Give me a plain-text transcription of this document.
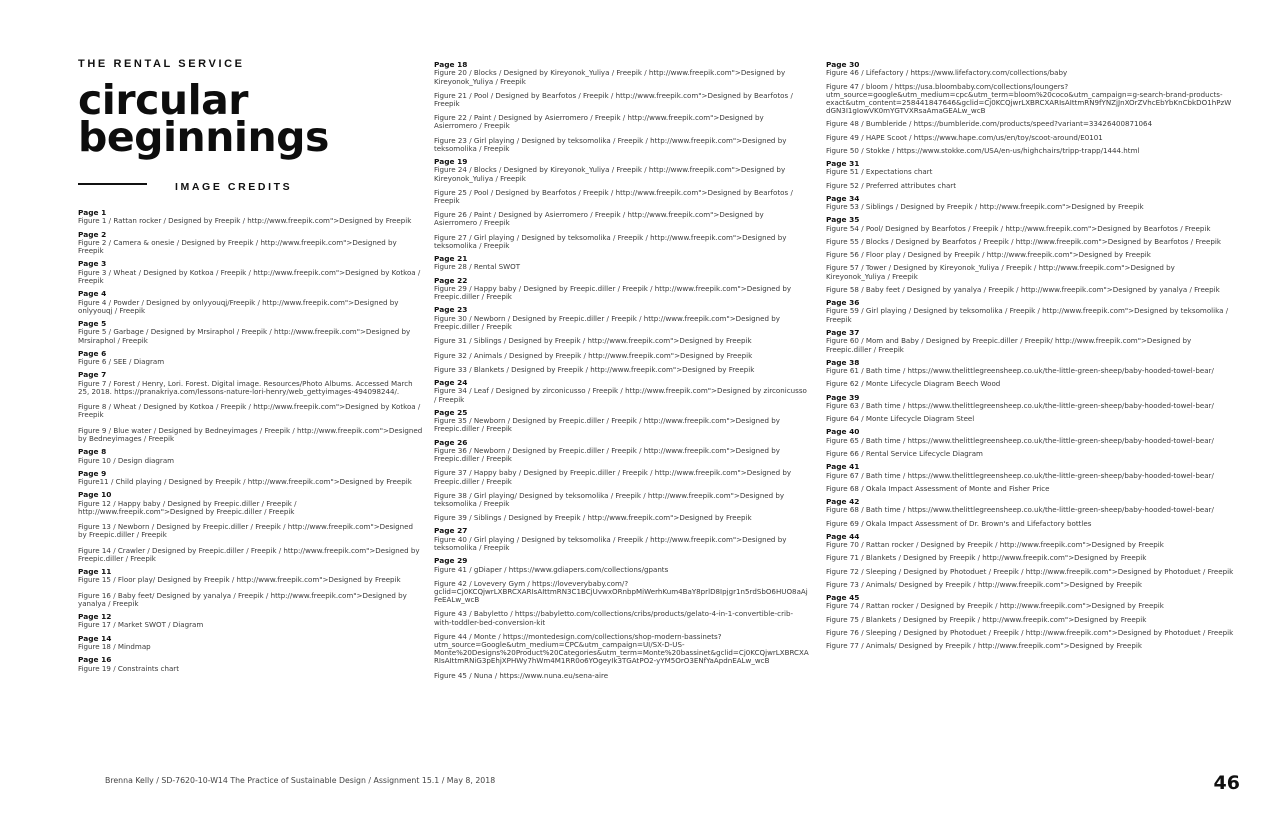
THE RENTAL SERVICE

circular
beginnings
IMAGE CREDITS

Page 1

Figure 1 / Rattan rocker / Designed by Freepik / http://www.freepik.com">Designed by Freepik

Page 2

Figure 2 / Camera & onesie / Designed by Freepik / http://www.freepik.com">Designed by Freepik

Page 3

Figure 3 / Wheat / Designed by Kotkoa / Freepik / http://www.freepik.com">Designed by Kotkoa / Freepik

Page 4

Figure 4 / Powder / Designed by onlyyouqj/Freepik / http://www.freepik.com">Designed by onlyyouqj / Freepik

Page 5

Figure 5 / Garbage / Designed by Mrsiraphol / Freepik / http://www.freepik.com">Designed by Mrsiraphol / Freepik

Page 6

Figure 6 / SEE / Diagram

Page 7

Figure 7 / Forest / Henry, Lori. Forest. Digital image. Resources/Photo Albums. Accessed March 25, 2018. https://pranakriya.com/lessons-nature-lori-henry/web_gettyimages-494098244/.

Figure 8 / Wheat / Designed by Kotkoa / Freepik / http://www.freepik.com">Designed by Kotkoa / Freepik

Figure 9 / Blue water / Designed by Bedneyimages / Freepik / http://www.freepik.com">Designed by Bedneyimages / Freepik

Page 8

Figure 10 / Design diagram

Page 9

Figure11 / Child playing / Designed by Freepik / http://www.freepik.com">Designed by Freepik

Page 10

Figure 12 / Happy baby / Designed by Freepic.diller / Freepik / http://www.freepik.com">Designed by Freepic.diller / Freepik

Figure 13 / Newborn / Designed by Freepic.diller / Freepik / http://www.freepik.com">Designed by Freepic.diller / Freepik

Figure 14 / Crawler / Designed by Freepic.diller / Freepik / http://www.freepik.com">Designed by Freepic.diller / Freepik

Page 11

Figure 15 / Floor play/ Designed by Freepik / http://www.freepik.com">Designed by Freepik

Figure 16 / Baby feet/ Designed by yanalya / Freepik / http://www.freepik.com">Designed by yanalya / Freepik

Page 12

Figure 17 / Market SWOT / Diagram

Page 14

Figure 18 / Mindmap

Page 16

Figure 19 / Constraints chart

Page 18

Figure 20 / Blocks / Designed by Kireyonok_Yuliya / Freepik / http://www.freepik.com">Designed by Kireyonok_Yuliya / Freepik

Figure 21 / Pool / Designed by Bearfotos / Freepik / http://www.freepik.com">Designed by Bearfotos / Freepik

Figure 22 / Paint / Designed by Asierromero / Freepik / http://www.freepik.com">Designed by Asierromero / Freepik

Figure 23 / Girl playing / Designed by teksomolika / Freepik / http://www.freepik.com">Designed by teksomolika / Freepik

Page 19

Figure 24 / Blocks / Designed by Kireyonok_Yuliya / Freepik / http://www.freepik.com">Designed by Kireyonok_Yuliya / Freepik

Figure 25 / Pool / Designed by Bearfotos / Freepik / http://www.freepik.com">Designed by Bearfotos / Freepik

Figure 26 / Paint / Designed by Asierromero / Freepik / http://www.freepik.com">Designed by Asierromero / Freepik

Figure 27 / Girl playing / Designed by teksomolika / Freepik / http://www.freepik.com">Designed by teksomolika / Freepik

Page 21

Figure 28 / Rental SWOT

Page 22

Figure 29 / Happy baby / Designed by Freepic.diller / Freepik / http://www.freepik.com">Designed by Freepic.diller / Freepik

Page 23

Figure 30 / Newborn / Designed by Freepic.diller / Freepik / http://www.freepik.com">Designed by Freepic.diller / Freepik

Figure 31 / Siblings / Designed by Freepik / http://www.freepik.com">Designed by Freepik

Figure 32 / Animals / Designed by Freepik / http://www.freepik.com">Designed by Freepik

Figure 33 / Blankets / Designed by Freepik / http://www.freepik.com">Designed by Freepik

Page 24

Figure 34 / Leaf / Designed by zirconicusso / Freepik / http://www.freepik.com">Designed by zirconicusso / Freepik

Page 25

Figure 35 / Newborn / Designed by Freepic.diller / Freepik / http://www.freepik.com">Designed by Freepic.diller / Freepik

Page 26

Figure 36 / Newborn / Designed by Freepic.diller / Freepik / http://www.freepik.com">Designed by Freepic.diller / Freepik

Figure 37 / Happy baby / Designed by Freepic.diller / Freepik / http://www.freepik.com">Designed by Freepic.diller / Freepik

Figure 38 / Girl playing/ Designed by teksomolika / Freepik / http://www.freepik.com">Designed by teksomolika / Freepik

Figure 39 / Siblings / Designed by Freepik / http://www.freepik.com">Designed by Freepik

Page 27

Figure 40 / Girl playing / Designed by teksomolika / Freepik / http://www.freepik.com">Designed by teksomolika / Freepik

Page 29

Figure 41 / gDiaper / https://www.gdiapers.com/collections/gpants

Figure 42 / Lovevery Gym / https://loveverybaby.com/?gclid=Cj0KCQjwrLXBRCXARIsAIttmRN3C1BCjUvwxORnbpMiWerhKum4BaY8prlD8Ipjgr1n5rdSbO6HUO8aAjFeEALw_wcB

Figure 43 / Babyletto / https://babyletto.com/collections/cribs/products/gelato-4-in-1-convertible-crib-with-toddler-bed-conversion-kit

Figure 44 / Monte / https://montedesign.com/collections/shop-modern-bassinets?utm_source=Google&utm_medium=CPC&utm_campaign=UI/SX-D-US-Monte%20Designs%20Product%20Categories&utm_term=Monte%20bassinet&gclid=Cj0KCQjwrLXBRCXARIsAIttmRNiG3pEhjXPHWy7hWm4M1RR0o6YOgeyIk3TGAtPO2-yYM5OrO3ENfYaApdnEALw_wcB

Figure 45 / Nuna / https://www.nuna.eu/sena-aire

Page 30

Figure 46 / Lifefactory / https://www.lifefactory.com/collections/baby

Figure 47 / bloom / https://usa.bloombaby.com/collections/loungers?utm_source=google&utm_medium=cpc&utm_term=bloom%20coco&utm_campaign=g-search-brand-products-exact&utm_content=258441847646&gclid=Cj0KCQjwrLXBRCXARIsAIttmRN9fYNZjJnXOrZVhcEbYbKnCbkDO1hPzWdGN3I1gIowVK0mYGTVXRsaAmaGEALw_wcB

Figure 48 / Bumbleride / https://bumbleride.com/products/speed?variant=33426400871064

Figure 49 / HAPE Scoot / https://www.hape.com/us/en/toy/scoot-around/E0101

Figure 50 / Stokke / https://www.stokke.com/USA/en-us/highchairs/tripp-trapp/1444.html

Page 31

Figure 51 / Expectations chart

Figure 52 / Preferred attributes chart

Page 34

Figure 53 / Siblings / Designed by Freepik / http://www.freepik.com">Designed by Freepik

Page 35

Figure 54 / Pool/ Designed by Bearfotos / Freepik / http://www.freepik.com">Designed by Bearfotos / Freepik

Figure 55 / Blocks / Designed by Bearfotos / Freepik / http://www.freepik.com">Designed by Bearfotos / Freepik

Figure 56 / Floor play / Designed by Freepik / http://www.freepik.com">Designed by Freepik

Figure 57 / Tower / Designed by Kireyonok_Yuliya / Freepik / http://www.freepik.com">Designed by Kireyonok_Yuliya / Freepik

Figure 58 / Baby feet / Designed by yanalya / Freepik / http://www.freepik.com">Designed by yanalya / Freepik

Page 36

Figure 59 / Girl playing / Designed by teksomolika / Freepik / http://www.freepik.com">Designed by teksomolika / Freepik

Page 37

Figure 60 / Mom and Baby / Designed by Freepic.diller / Freepik/ http://www.freepik.com">Designed by Freepic.diller / Freepik

Page 38

Figure 61 / Bath time / https://www.thelittlegreensheep.co.uk/the-little-green-sheep/baby-hooded-towel-bear/

Figure 62 / Monte Lifecycle Diagram Beech Wood

Page 39

Figure 63 / Bath time / https://www.thelittlegreensheep.co.uk/the-little-green-sheep/baby-hooded-towel-bear/

Figure 64 / Monte Lifecycle Diagram Steel

Page 40

Figure 65 / Bath time / https://www.thelittlegreensheep.co.uk/the-little-green-sheep/baby-hooded-towel-bear/

Figure 66 / Rental Service Lifecycle Diagram

Page 41

Figure 67 / Bath time / https://www.thelittlegreensheep.co.uk/the-little-green-sheep/baby-hooded-towel-bear/

Figure 68 / Okala Impact Assessment of Monte and Fisher Price

Page 42

Figure 68 / Bath time / https://www.thelittlegreensheep.co.uk/the-little-green-sheep/baby-hooded-towel-bear/

Figure 69 / Okala Impact Assessment of Dr. Brown's and Lifefactory bottles

Page 44

Figure 70 / Rattan rocker / Designed by Freepik / http://www.freepik.com">Designed by Freepik

Figure 71 / Blankets / Designed by Freepik / http://www.freepik.com">Designed by Freepik

Figure 72 / Sleeping / Designed by Photoduet / Freepik / http://www.freepik.com">Designed by Photoduet / Freepik

Figure 73 / Animals/ Designed by Freepik / http://www.freepik.com">Designed by Freepik

Page 45

Figure 74 / Rattan rocker / Designed by Freepik / http://www.freepik.com">Designed by Freepik

Figure 75 / Blankets / Designed by Freepik / http://www.freepik.com">Designed by Freepik

Figure 76 / Sleeping / Designed by Photoduet / Freepik / http://www.freepik.com">Designed by Photoduet / Freepik

Figure 77 / Animals/ Designed by Freepik / http://www.freepik.com">Designed by Freepik

Brenna Kelly / SD-7620-10-W14 The Practice of Sustainable Design / Assignment 15.1 / May 8, 2018	46
